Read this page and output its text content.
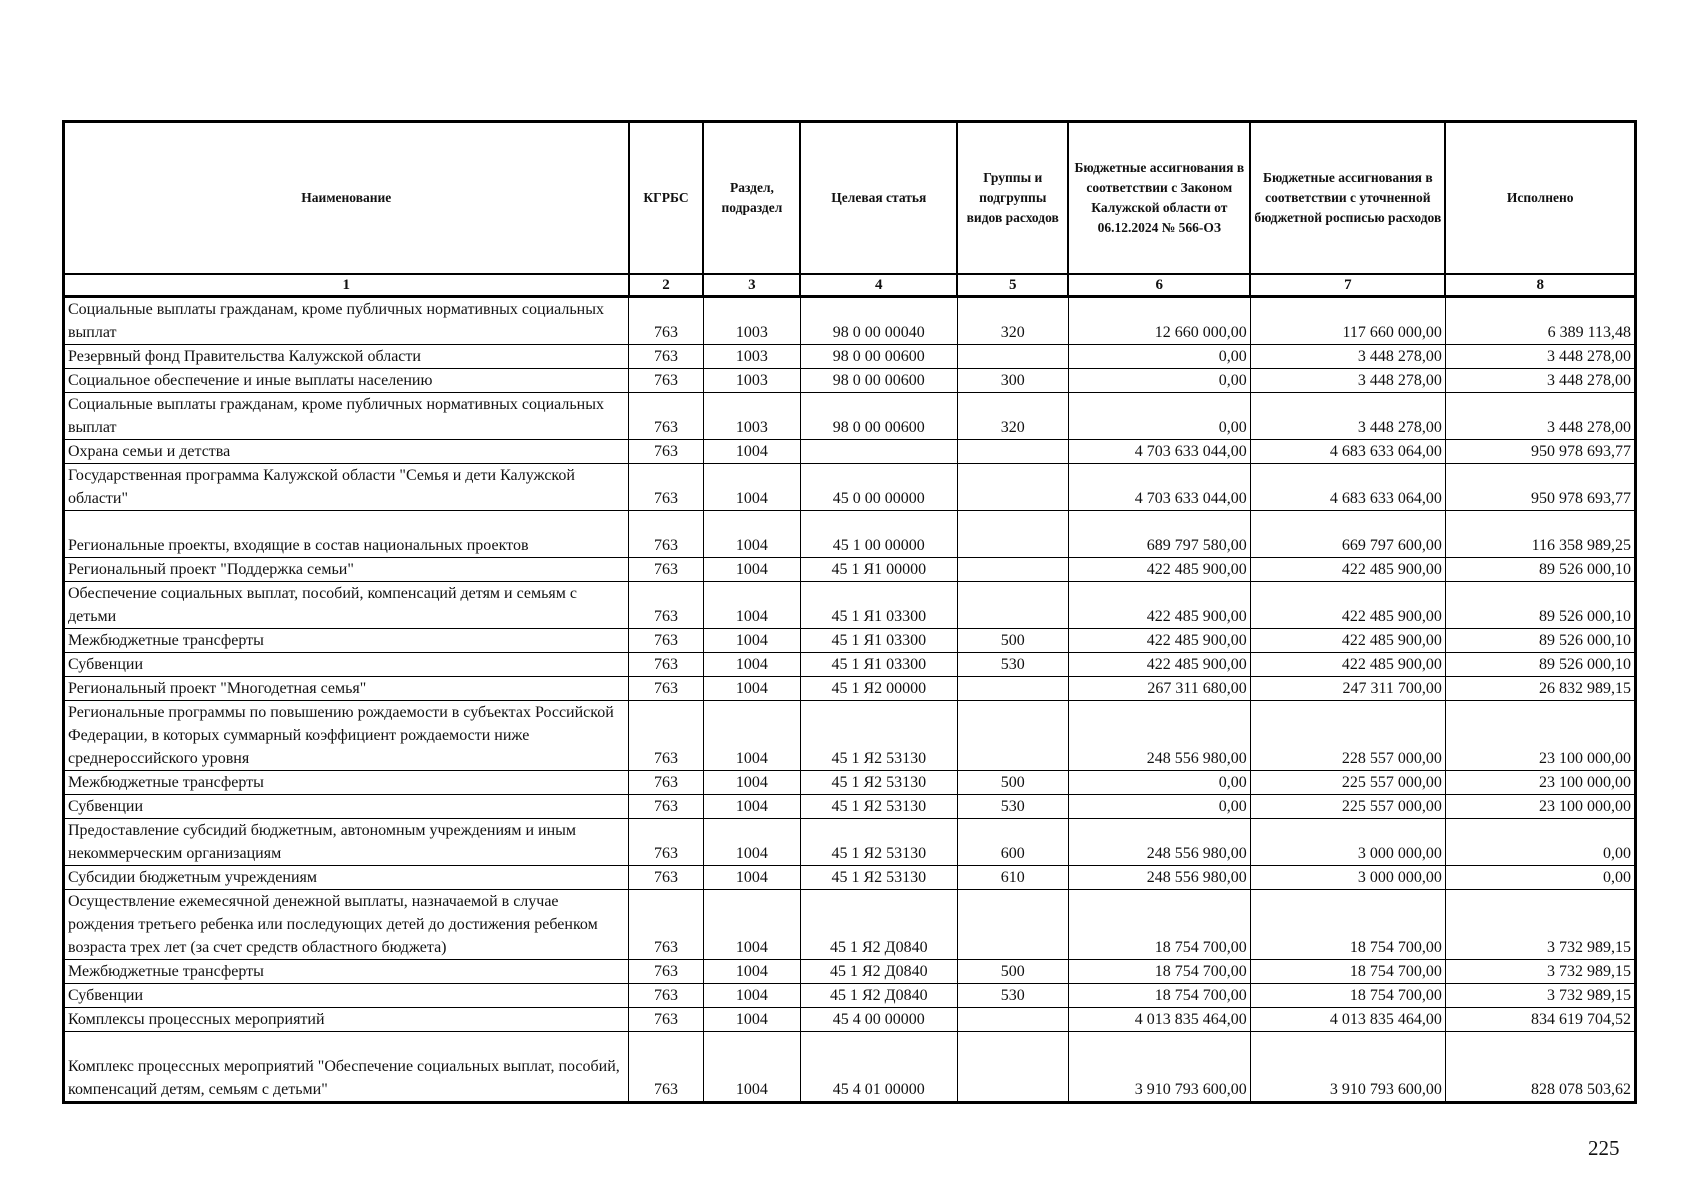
Наименование	КГРБС	Раздел, подраздел	Целевая статья	Группы и подгруппы видов расходов	Бюджетные ассигнования в соответствии с Законом Калужской области от 06.12.2024 № 566-ОЗ	Бюджетные ассигнования в соответствии с уточненной бюджетной росписью расходов	Исполнено
1	2	3	4	5	6	7	8
Социальные выплаты гражданам, кроме публичных нормативных социальных выплат	763	1003	98 0 00 00040	320	12 660 000,00	117 660 000,00	6 389 113,48
Резервный фонд Правительства Калужской области	763	1003	98 0 00 00600		0,00	3 448 278,00	3 448 278,00
Социальное обеспечение и иные выплаты населению	763	1003	98 0 00 00600	300	0,00	3 448 278,00	3 448 278,00
Социальные выплаты гражданам, кроме публичных нормативных социальных выплат	763	1003	98 0 00 00600	320	0,00	3 448 278,00	3 448 278,00
Охрана семьи и детства	763	1004			4 703 633 044,00	4 683 633 064,00	950 978 693,77
Государственная программа Калужской области "Семья и дети Калужской области"	763	1004	45 0 00 00000		4 703 633 044,00	4 683 633 064,00	950 978 693,77
Региональные проекты, входящие в состав национальных проектов	763	1004	45 1 00 00000		689 797 580,00	669 797 600,00	116 358 989,25
Региональный проект "Поддержка семьи"	763	1004	45 1 Я1 00000		422 485 900,00	422 485 900,00	89 526 000,10
Обеспечение социальных выплат, пособий, компенсаций детям и семьям с детьми	763	1004	45 1 Я1 03300		422 485 900,00	422 485 900,00	89 526 000,10
Межбюджетные трансферты	763	1004	45 1 Я1 03300	500	422 485 900,00	422 485 900,00	89 526 000,10
Субвенции	763	1004	45 1 Я1 03300	530	422 485 900,00	422 485 900,00	89 526 000,10
Региональный проект "Многодетная семья"	763	1004	45 1 Я2 00000		267 311 680,00	247 311 700,00	26 832 989,15
Региональные программы по повышению рождаемости в субъектах Российской Федерации, в которых суммарный коэффициент рождаемости ниже среднероссийского уровня	763	1004	45 1 Я2 53130		248 556 980,00	228 557 000,00	23 100 000,00
Межбюджетные трансферты	763	1004	45 1 Я2 53130	500	0,00	225 557 000,00	23 100 000,00
Субвенции	763	1004	45 1 Я2 53130	530	0,00	225 557 000,00	23 100 000,00
Предоставление субсидий бюджетным, автономным учреждениям и иным некоммерческим организациям	763	1004	45 1 Я2 53130	600	248 556 980,00	3 000 000,00	0,00
Субсидии бюджетным учреждениям	763	1004	45 1 Я2 53130	610	248 556 980,00	3 000 000,00	0,00
Осуществление ежемесячной денежной выплаты, назначаемой в случае рождения третьего ребенка или последующих детей до достижения ребенком возраста трех лет (за счет средств областного бюджета)	763	1004	45 1 Я2 Д0840		18 754 700,00	18 754 700,00	3 732 989,15
Межбюджетные трансферты	763	1004	45 1 Я2 Д0840	500	18 754 700,00	18 754 700,00	3 732 989,15
Субвенции	763	1004	45 1 Я2 Д0840	530	18 754 700,00	18 754 700,00	3 732 989,15
Комплексы процессных мероприятий	763	1004	45 4 00 00000		4 013 835 464,00	4 013 835 464,00	834 619 704,52
Комплекс процессных мероприятий "Обеспечение социальных выплат, пособий, компенсаций детям, семьям с детьми"	763	1004	45 4 01 00000		3 910 793 600,00	3 910 793 600,00	828 078 503,62
225
